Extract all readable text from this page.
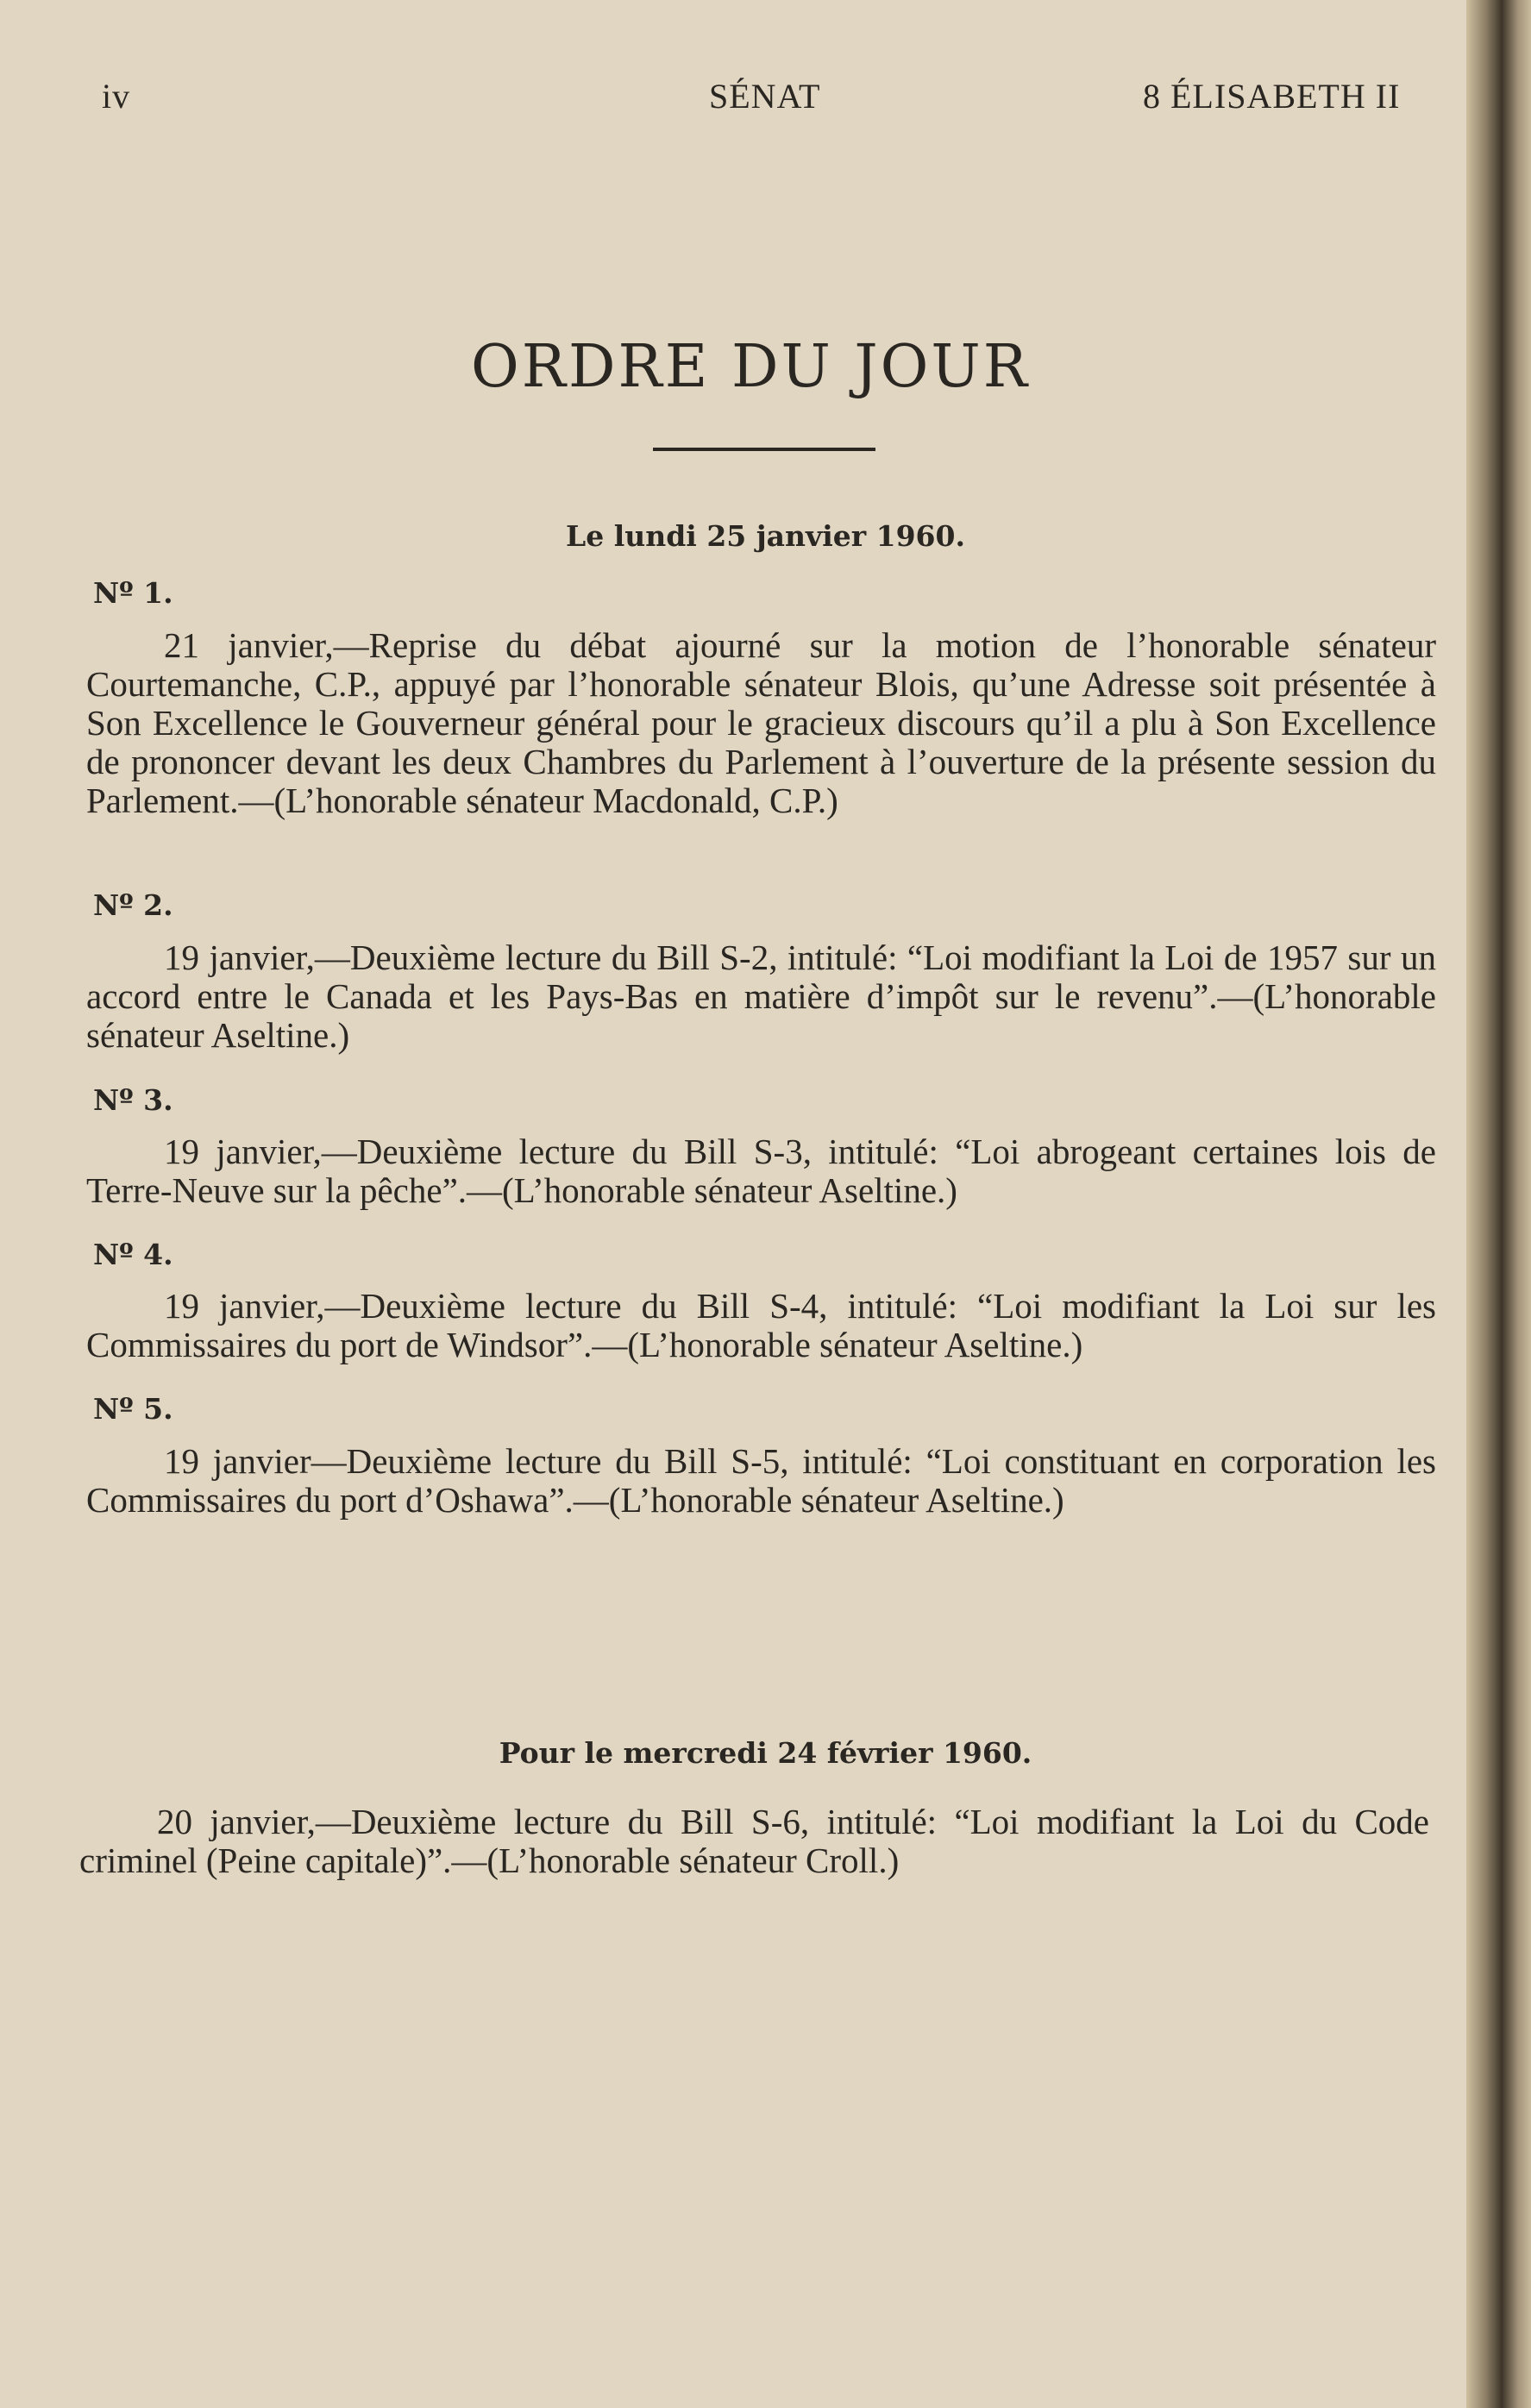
iv	SÉNAT	8 ÉLISABETH II
ORDRE DU JOUR
Le lundi 25 janvier 1960.
Nº 1.
21 janvier,—Reprise du débat ajourné sur la motion de l’honorable sénateur Courtemanche, C.P., appuyé par l’honorable sénateur Blois, qu’une Adresse soit présentée à Son Excellence le Gouverneur général pour le gracieux discours qu’il a plu à Son Excellence de prononcer devant les deux Chambres du Parlement à l’ouverture de la présente session du Parlement.—(L’honorable sénateur Macdonald, C.P.)
Nº 2.
19 janvier,—Deuxième lecture du Bill S-2, intitulé: “Loi modifiant la Loi de 1957 sur un accord entre le Canada et les Pays-Bas en matière d’impôt sur le revenu”.—(L’honorable sénateur Aseltine.)
Nº 3.
19 janvier,—Deuxième lecture du Bill S-3, intitulé: “Loi abrogeant certaines lois de Terre-Neuve sur la pêche”.—(L’honorable sénateur Aseltine.)
Nº 4.
19 janvier,—Deuxième lecture du Bill S-4, intitulé: “Loi modifiant la Loi sur les Commissaires du port de Windsor”.—(L’honorable sénateur Aseltine.)
Nº 5.
19 janvier—Deuxième lecture du Bill S-5, intitulé: “Loi constituant en corporation les Commissaires du port d’Oshawa”.—(L’honorable sénateur Aseltine.)
Pour le mercredi 24 février 1960.
20 janvier,—Deuxième lecture du Bill S-6, intitulé: “Loi modifiant la Loi du Code criminel (Peine capitale)”.—(L’honorable sénateur Croll.)
